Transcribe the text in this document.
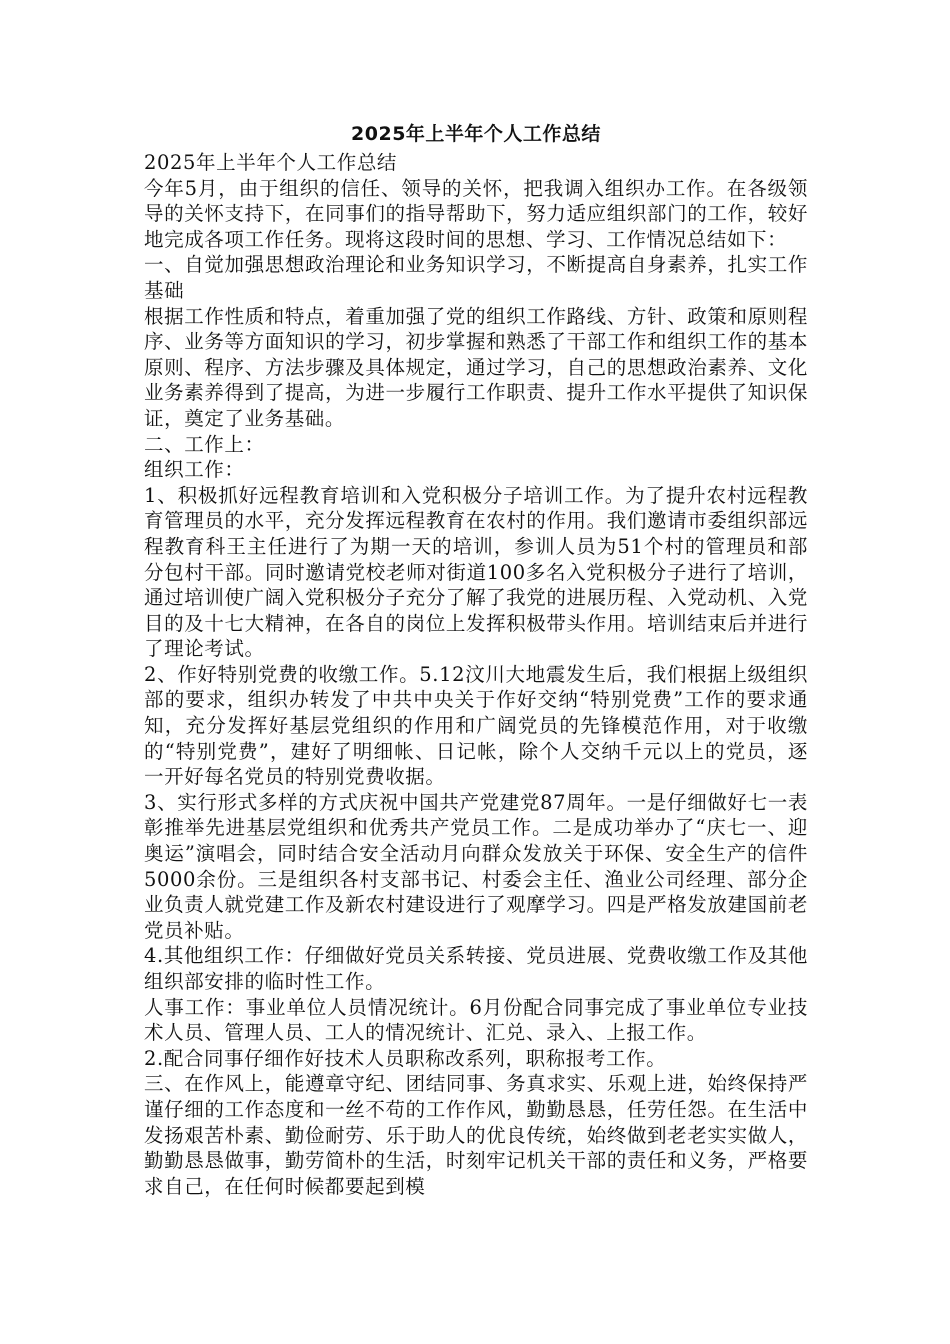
2025年上半年个人工作总结

2025年上半年个人工作总结

今年5月，由于组织的信任、领导的关怀，把我调入组织办工作。在各级领导的关怀支持下，在同事们的指导帮助下，努力适应组织部门的工作，较好地完成各项工作任务。现将这段时间的思想、学习、工作情况总结如下：

一、自觉加强思想政治理论和业务知识学习，不断提高自身素养，扎实工作基础

根据工作性质和特点，着重加强了党的组织工作路线、方针、政策和原则程序、业务等方面知识的学习，初步掌握和熟悉了干部工作和组织工作的基本原则、程序、方法步骤及具体规定，通过学习，自己的思想政治素养、文化业务素养得到了提高，为进一步履行工作职责、提升工作水平提供了知识保证，奠定了业务基础。

二、工作上：

组织工作：

1、积极抓好远程教育培训和入党积极分子培训工作。为了提升农村远程教育管理员的水平，充分发挥远程教育在农村的作用。我们邀请市委组织部远程教育科王主任进行了为期一天的培训，参训人员为51个村的管理员和部分包村干部。同时邀请党校老师对街道100多名入党积极分子进行了培训，通过培训使广阔入党积极分子充分了解了我党的进展历程、入党动机、入党目的及十七大精神，在各自的岗位上发挥积极带头作用。培训结束后并进行了理论考试。

2、作好特别党费的收缴工作。5.12汶川大地震发生后，我们根据上级组织部的要求，组织办转发了中共中央关于作好交纳“特别党费”工作的要求通知，充分发挥好基层党组织的作用和广阔党员的先锋模范作用，对于收缴的“特别党费”，建好了明细帐、日记帐，除个人交纳千元以上的党员，逐一开好每名党员的特别党费收据。

3、实行形式多样的方式庆祝中国共产党建党87周年。一是仔细做好七一表彰推举先进基层党组织和优秀共产党员工作。二是成功举办了“庆七一、迎奥运”演唱会，同时结合安全活动月向群众发放关于环保、安全生产的信件5000余份。三是组织各村支部书记、村委会主任、渔业公司经理、部分企业负责人就党建工作及新农村建设进行了观摩学习。四是严格发放建国前老党员补贴。

4.其他组织工作：仔细做好党员关系转接、党员进展、党费收缴工作及其他组织部安排的临时性工作。

人事工作：事业单位人员情况统计。6月份配合同事完成了事业单位专业技术人员、管理人员、工人的情况统计、汇兑、录入、上报工作。

2.配合同事仔细作好技术人员职称改系列，职称报考工作。

三、在作风上，能遵章守纪、团结同事、务真求实、乐观上进，始终保持严谨仔细的工作态度和一丝不苟的工作作风，勤勤恳恳，任劳任怨。在生活中发扬艰苦朴素、勤俭耐劳、乐于助人的优良传统，始终做到老老实实做人，勤勤恳恳做事，勤劳简朴的生活，时刻牢记机关干部的责任和义务，严格要求自己，在任何时候都要起到模
